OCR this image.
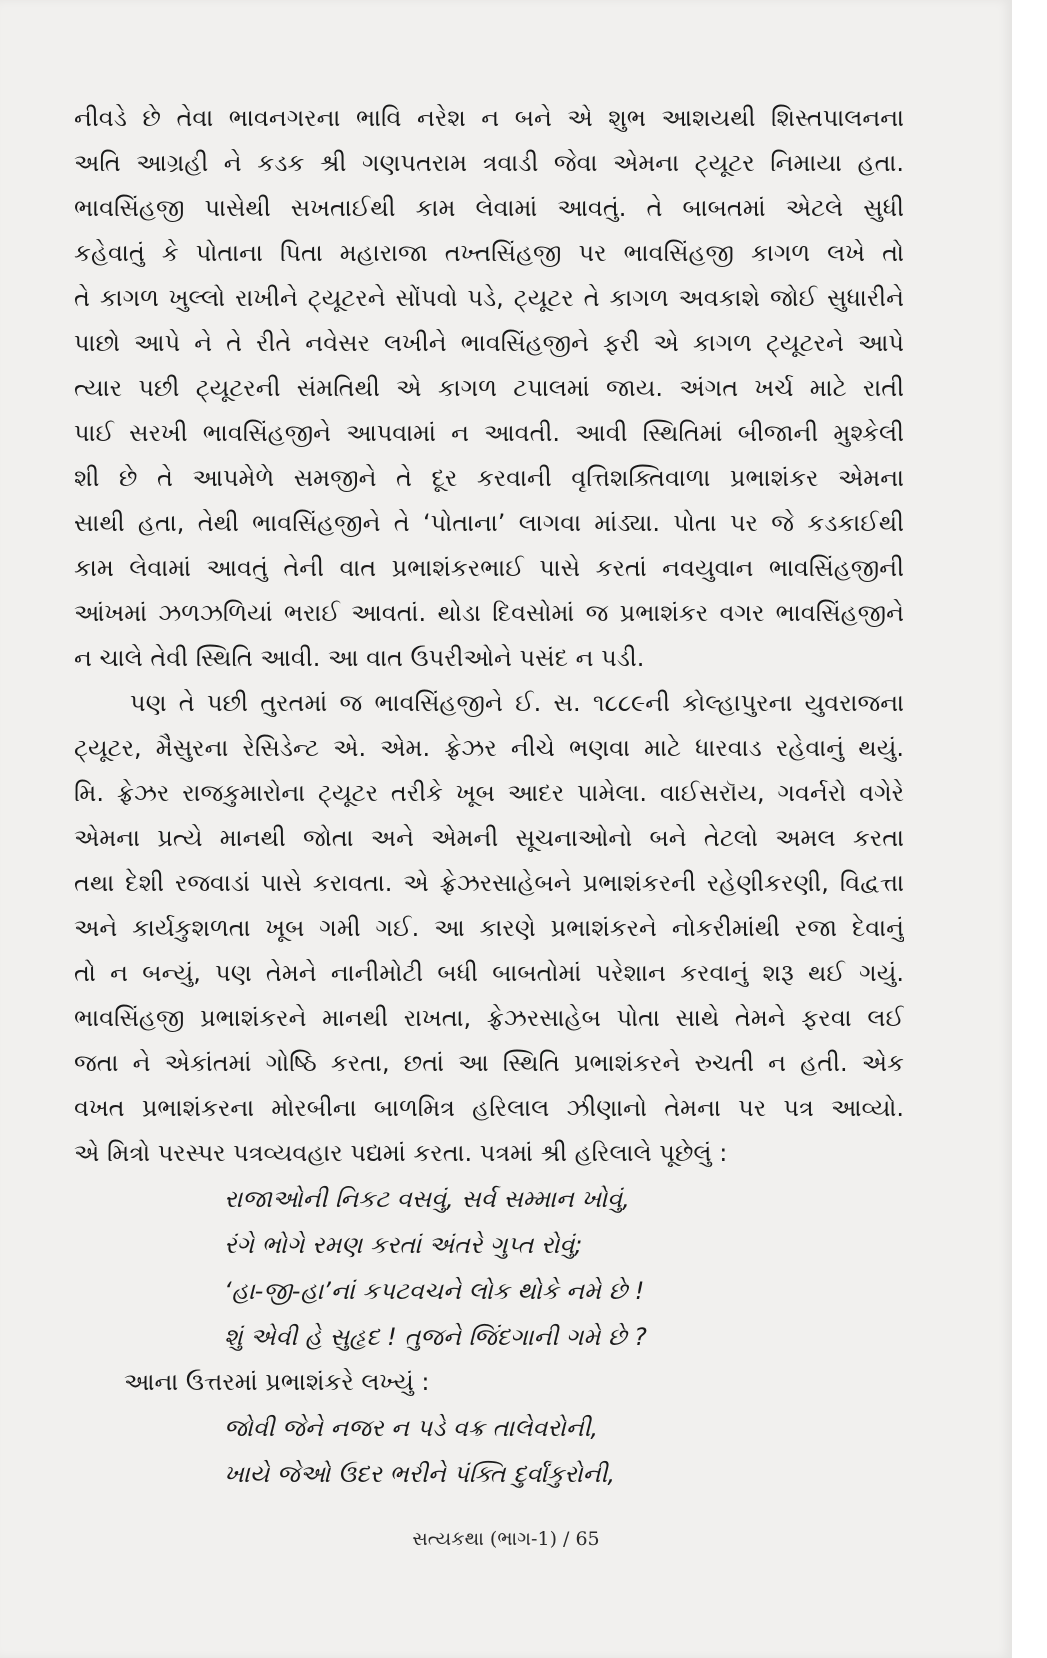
નીવડે છે તેવા ભાવનગરના ભાવિ નરેશ ન બને એ શુભ આશયથી શિસ્તપાલનના
અતિ આગ્રહી ને કડક શ્રી ગણપતરામ ત્રવાડી જેવા એમના ટ્યૂટર નિમાયા હતા.
ભાવસિંહજી પાસેથી સખતાઈથી કામ લેવામાં આવતું. તે બાબતમાં એટલે સુધી
કહેવાતું કે પોતાના પિતા મહારાજા તખ્તસિંહજી પર ભાવસિંહજી કાગળ લખે તો
તે કાગળ ખુલ્લો રાખીને ટ્યૂટરને સોંપવો પડે, ટ્યૂટર તે કાગળ અવકાશે જોઈ સુધારીને
પાછો આપે ને તે રીતે નવેસર લખીને ભાવસિંહજીને ફરી એ કાગળ ટ્યૂટરને આપે
ત્યાર પછી ટ્યૂટરની સંમતિથી એ કાગળ ટપાલમાં જાય. અંગત ખર્ચ માટે રાતી
પાઈ સરખી ભાવસિંહજીને આપવામાં ન આવતી. આવી સ્થિતિમાં બીજાની મુશ્કેલી
શી છે તે આપમેળે સમજીને તે દૂર કરવાની વૃત્તિશક્તિવાળા પ્રભાશંકર એમના
સાથી હતા, તેથી ભાવસિંહજીને તે ‘પોતાના’ લાગવા માંડ્યા. પોતા પર જે કડકાઈથી
કામ લેવામાં આવતું તેની વાત પ્રભાશંકરભાઈ પાસે કરતાં નવયુવાન ભાવસિંહજીની
આંખમાં ઝળઝળિયાં ભરાઈ આવતાં. થોડા દિવસોમાં જ પ્રભાશંકર વગર ભાવસિંહજીને
ન ચાલે તેવી સ્થિતિ આવી. આ વાત ઉપરીઓને પસંદ ન પડી.
પણ તે પછી તુરતમાં જ ભાવસિંહજીને ઈ. સ. ૧૮૮૯ની કોલ્હાપુરના યુવરાજના
ટ્યૂટર, મૈસુરના રેસિડેન્ટ એ. એમ. ફ્રેઝર નીચે ભણવા માટે ધારવાડ રહેવાનું થયું.
મિ. ફ્રેઝર રાજકુમારોના ટ્યૂટર તરીકે ખૂબ આદર પામેલા. વાઈસરૉય, ગવર્નરો વગેરે
એમના પ્રત્યે માનથી જોતા અને એમની સૂચનાઓનો બને તેટલો અમલ કરતા
તથા દેશી રજવાડાં પાસે કરાવતા. એ ફ્રેઝરસાહેબને પ્રભાશંકરની રહેણીકરણી, વિદ્વત્તા
અને કાર્યકુશળતા ખૂબ ગમી ગઈ. આ કારણે પ્રભાશંકરને નોકરીમાંથી રજા દેવાનું
તો ન બન્યું, પણ તેમને નાનીમોટી બધી બાબતોમાં પરેશાન કરવાનું શરૂ થઈ ગયું.
ભાવસિંહજી પ્રભાશંકરને માનથી રાખતા, ફ્રેઝરસાહેબ પોતા સાથે તેમને ફરવા લઈ
જતા ને એકાંતમાં ગોષ્ઠિ કરતા, છતાં આ સ્થિતિ પ્રભાશંકરને રુચતી ન હતી. એક
વખત પ્રભાશંકરના મોરબીના બાળમિત્ર હરિલાલ ઝીણાનો તેમના પર પત્ર આવ્યો.
એ મિત્રો પરસ્પર પત્રવ્યવહાર પદ્યમાં કરતા. પત્રમાં શ્રી હરિલાલે પૂછેલું :
રાજાઓની નિકટ વસવું, સર્વ સમ્માન ખોવું,
રંગે ભોગે રમણ કરતાં અંતરે ગુપ્ત રોવું;
‘હા-જી-હા’નાં કપટવચને લોક થોકે નમે છે !
શું એવી હે સુહૃદ ! તુજને જિંદગાની ગમે છે ?
આના ઉત્તરમાં પ્રભાશંકરે લખ્યું :
જોવી જેને નજર ન પડે વક્ર તાલેવરોની,
ખાયે જેઓ ઉદર ભરીને પંક્તિ દુર્વાંકુરોની,
સત્યકથા (ભાગ-1) / 65
